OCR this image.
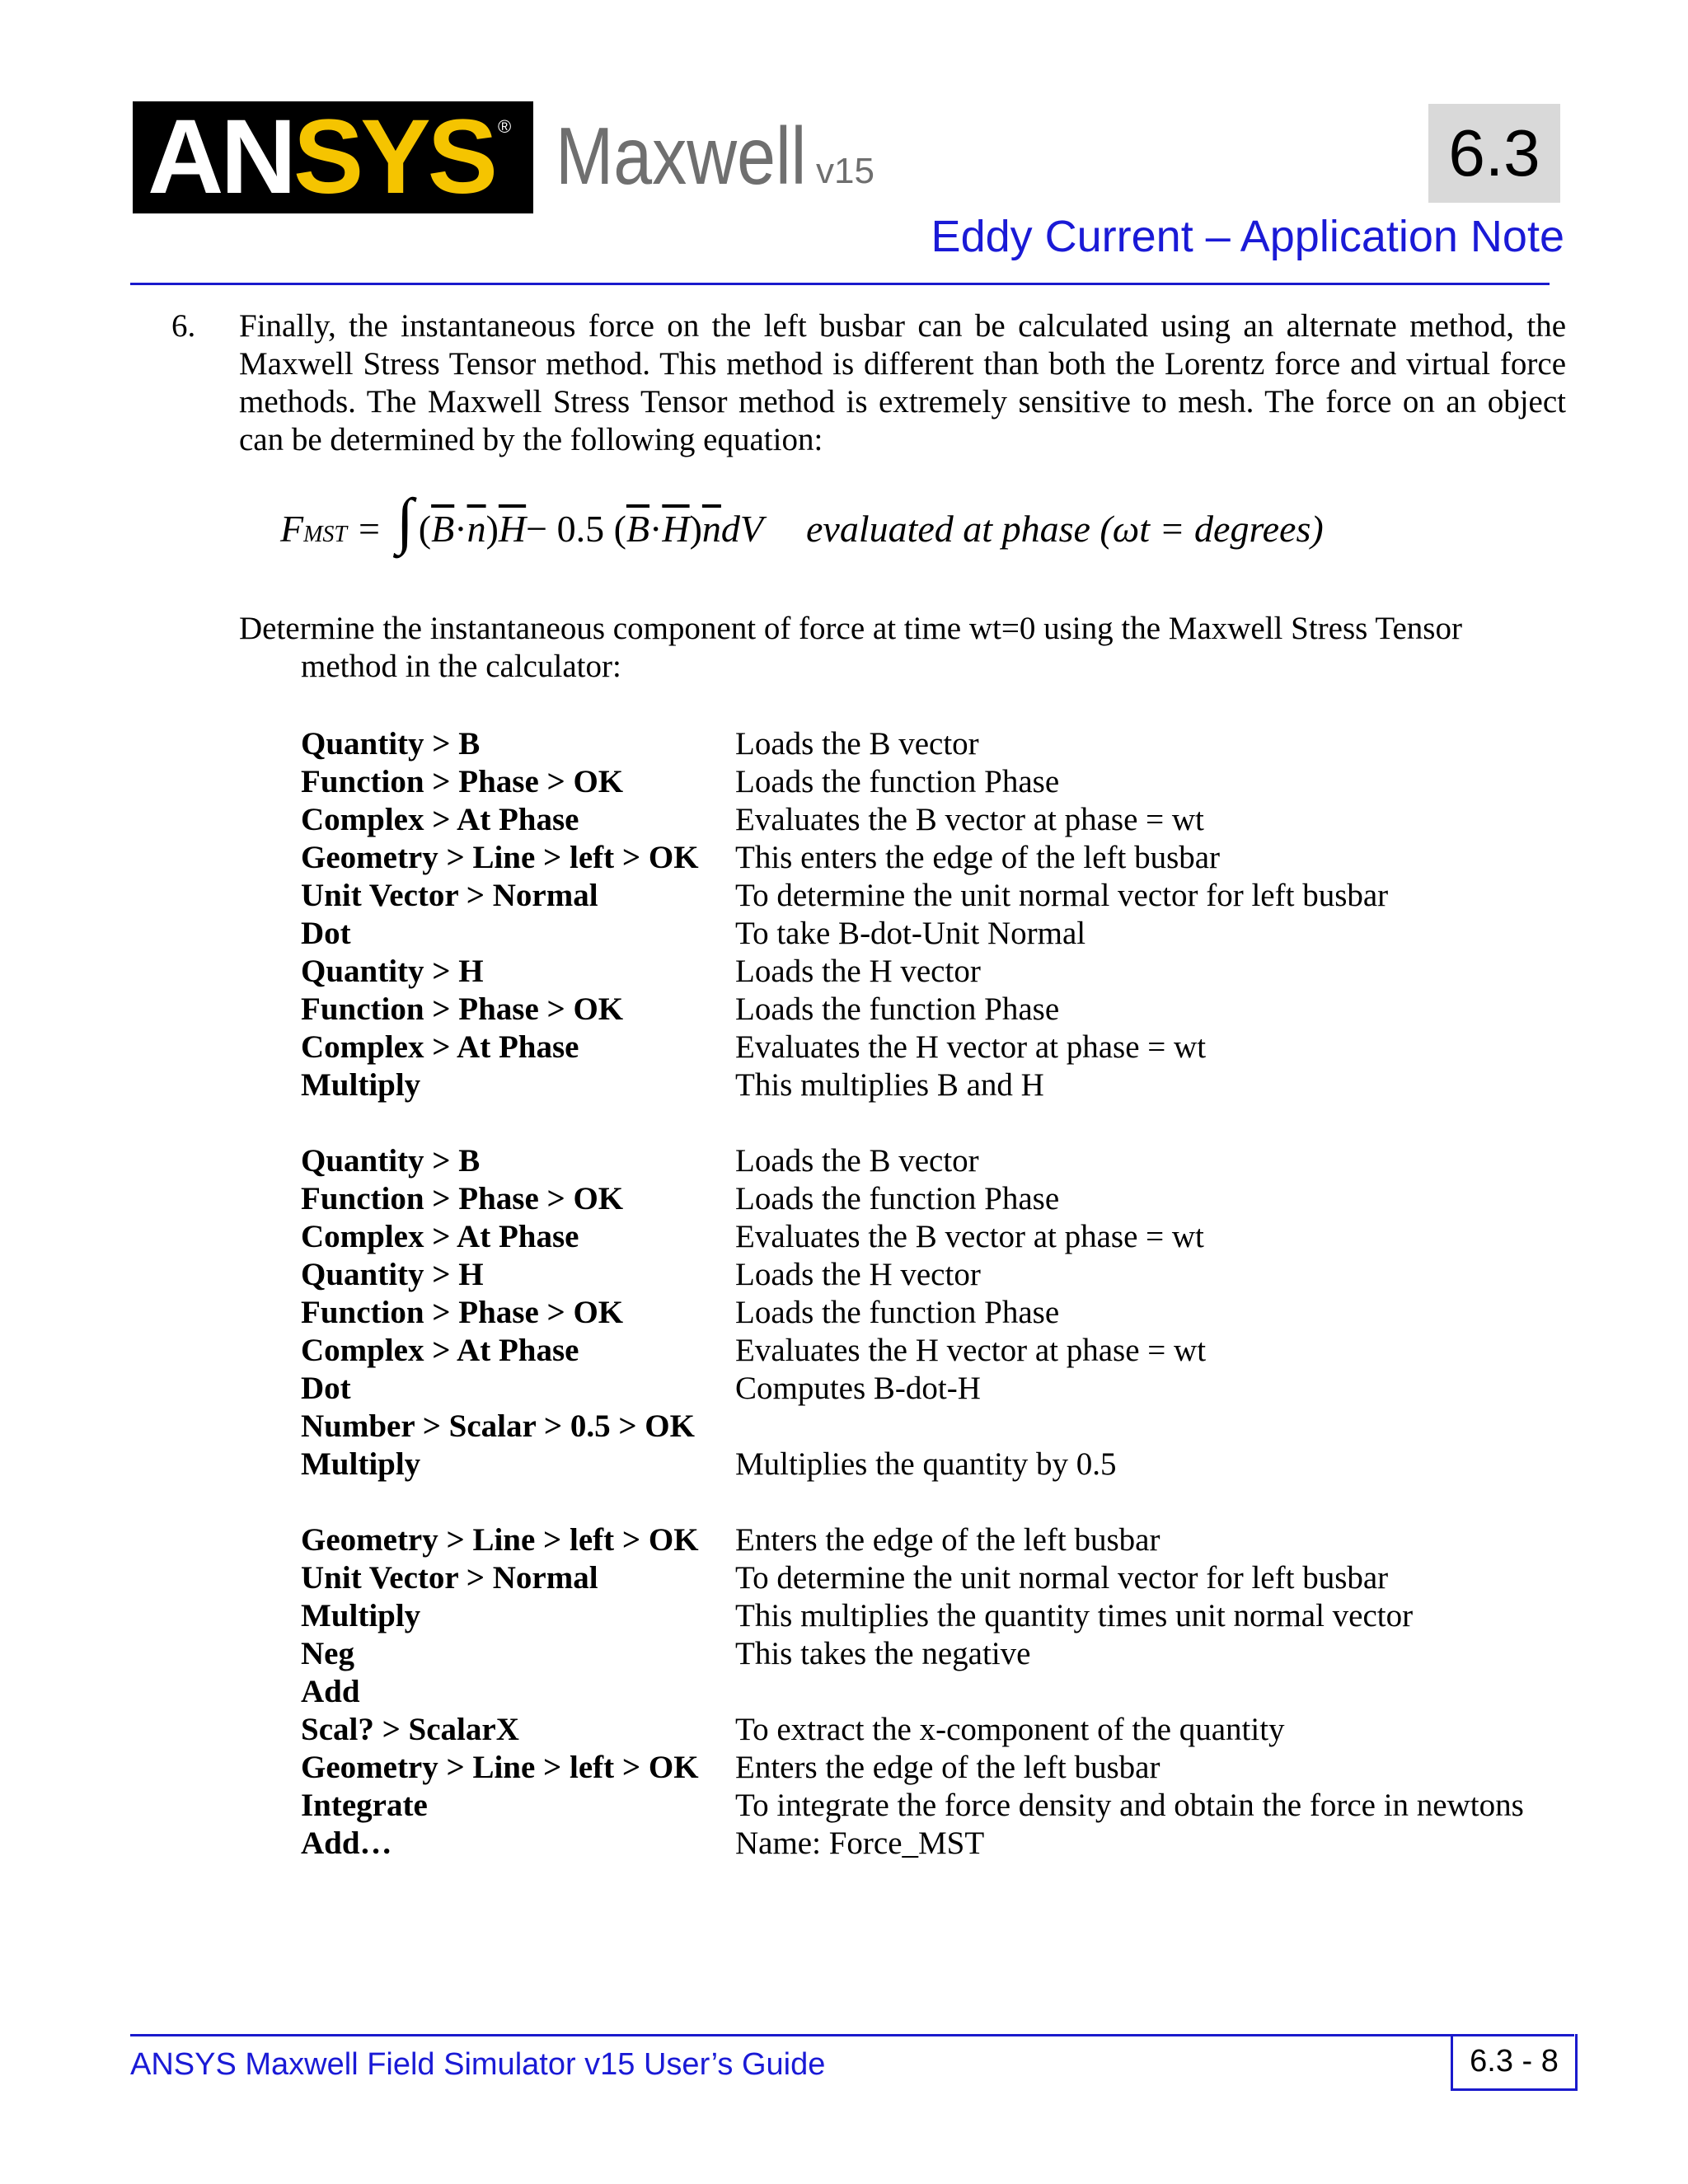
AN SYS ® Maxwell v15	6.3
Eddy Current – Application Note
6. Finally, the instantaneous force on the left busbar can be calculated using an alternate method, the Maxwell Stress Tensor method. This method is different than both the Lorentz force and virtual force methods. The Maxwell Stress Tensor method is extremely sensitive to mesh. The force on an object can be determined by the following equation:
F MST = ∫ ( $\overline{B} \cdot \overline{n}$ ) $\overline{H} - 0.5$ ( $\overline{B} \cdot \overline{H}$ ) $\overline{n}$ dV evaluated at phase (ωt = degrees)
Determine the instantaneous component of force at time wt=0 using the Maxwell Stress Tensor
method in the calculator:
Quantity > B	Loads the B vector
Function > Phase > OK	Loads the function Phase
Complex > At Phase	Evaluates the B vector at phase = wt
Geometry > Line > left > OK	This enters the edge of the left busbar
Unit Vector > Normal	To determine the unit normal vector for left busbar
Dot	To take B-dot-Unit Normal
Quantity > H	Loads the H vector
Function > Phase > OK	Loads the function Phase
Complex > At Phase	Evaluates the H vector at phase = wt
Multiply	This multiplies B and H
Quantity > B	Loads the B vector
Function > Phase > OK	Loads the function Phase
Complex > At Phase	Evaluates the B vector at phase = wt
Quantity > H	Loads the H vector
Function > Phase > OK	Loads the function Phase
Complex > At Phase	Evaluates the H vector at phase = wt
Dot	Computes B-dot-H
Number > Scalar > 0.5 > OK
Multiply	Multiplies the quantity by 0.5
Geometry > Line > left > OK	Enters the edge of the left busbar
Unit Vector > Normal	To determine the unit normal vector for left busbar
Multiply	This multiplies the quantity times unit normal vector
Neg	This takes the negative
Add
Scal? > ScalarX	To extract the x-component of the quantity
Geometry > Line > left > OK	Enters the edge of the left busbar
Integrate	To integrate the force density and obtain the force in newtons
Add…	Name: Force_MST
ANSYS Maxwell Field Simulator v15 User’s Guide	6.3 - 8
